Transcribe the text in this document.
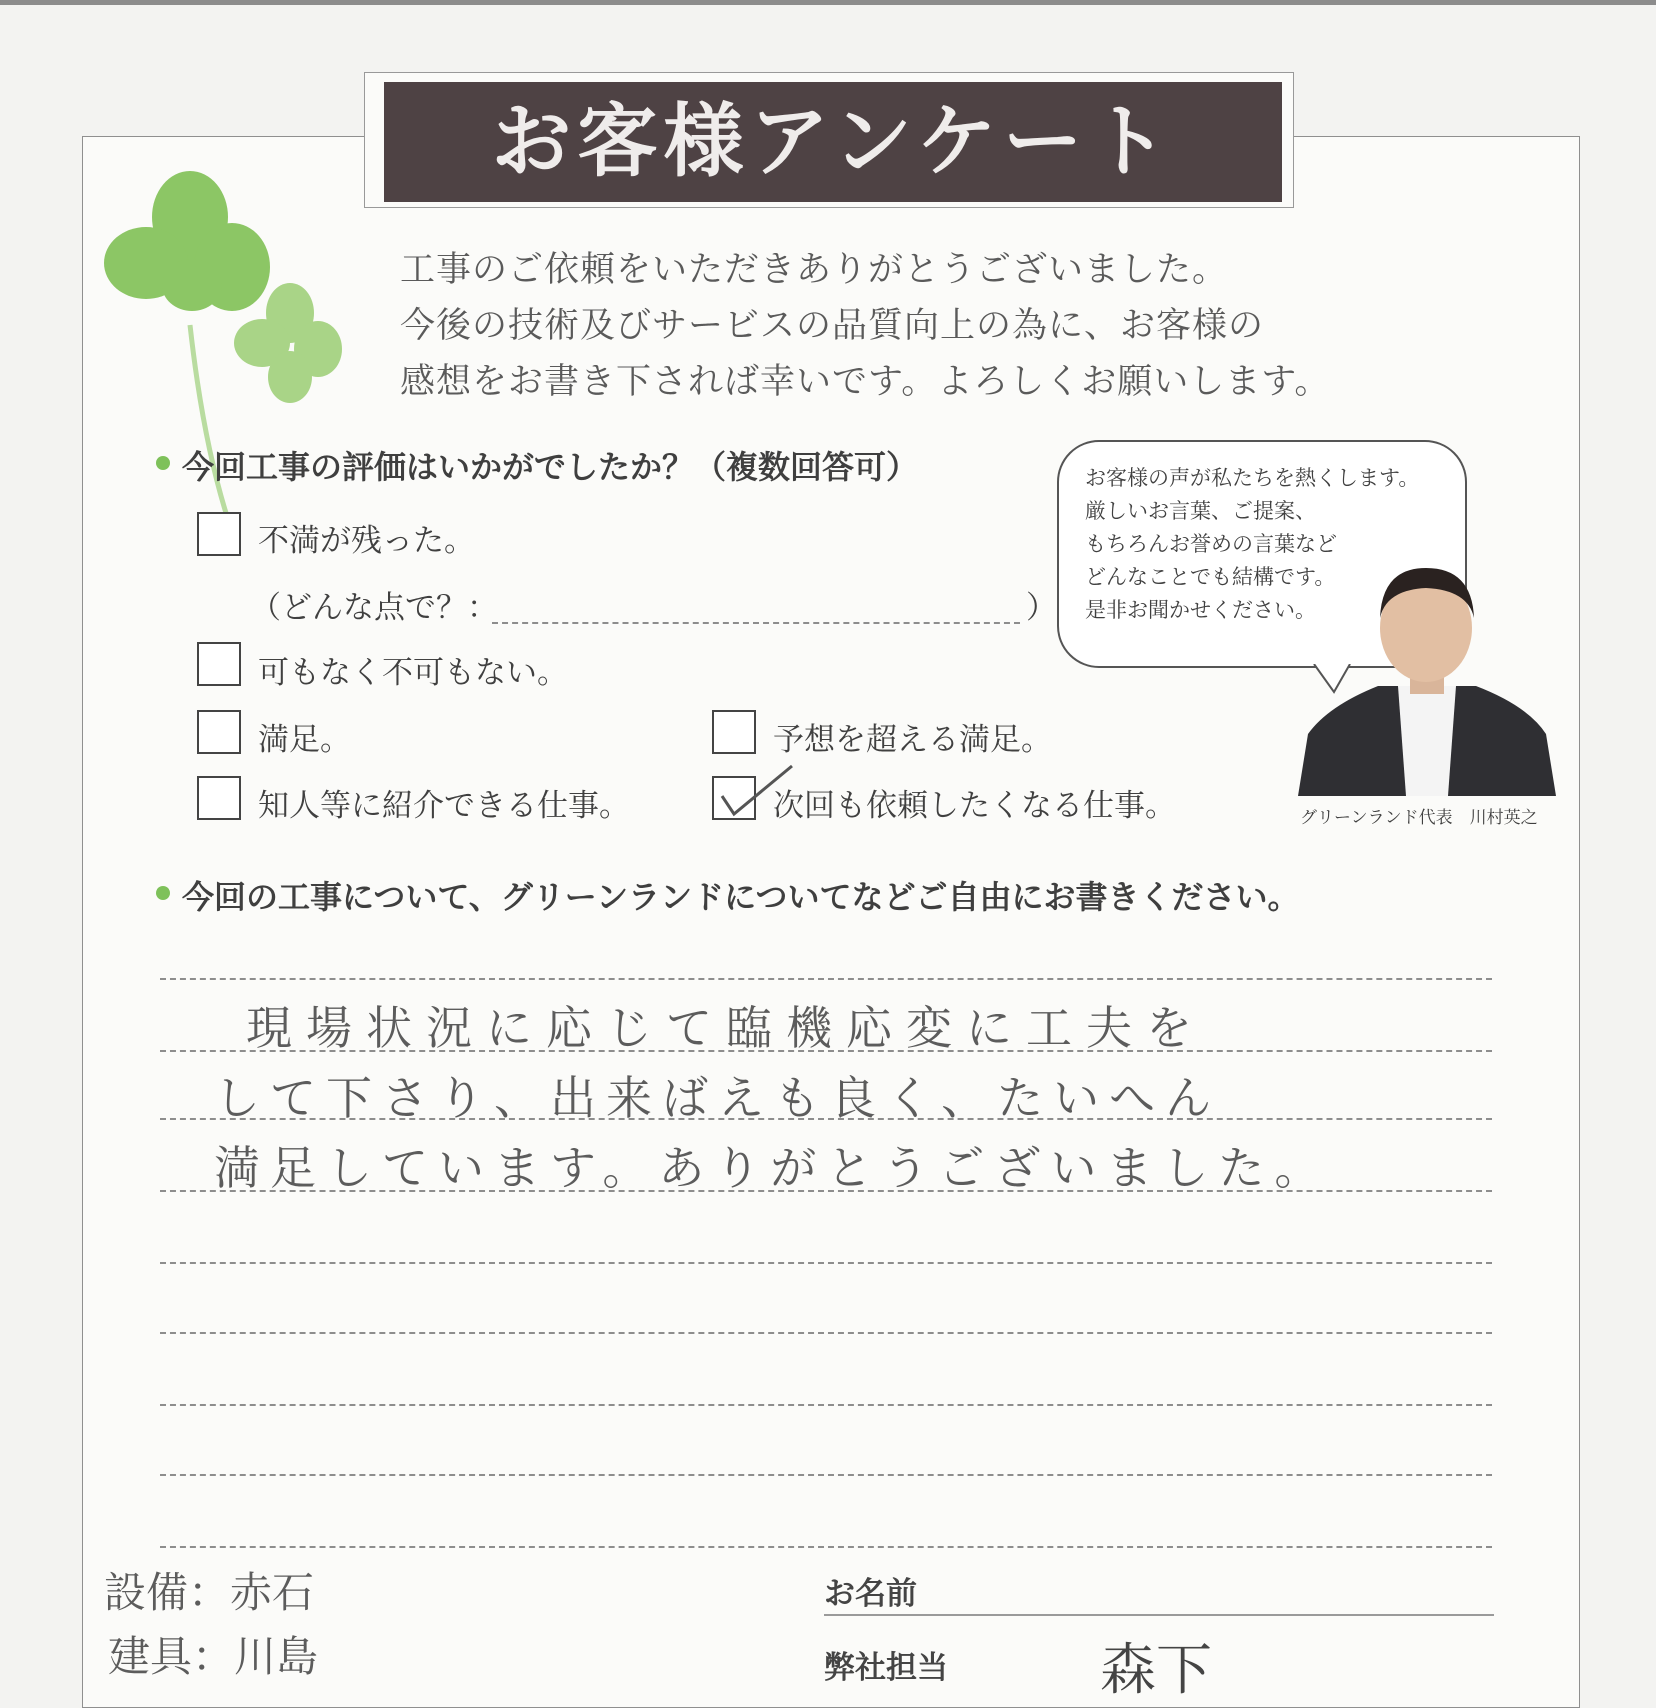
お客様アンケート
工事のご依頼をいただきありがとうございました。
今後の技術及びサービスの品質向上の為に、お客様の
感想をお書き下されば幸いです。よろしくお願いします。
今回工事の評価はいかがでしたか？（複数回答可）
不満が残った。
（どんな点で？：	）
可もなく不可もない。
満足。	予想を超える満足。
知人等に紹介できる仕事。	次回も依頼したくなる仕事。
お客様の声が私たちを熱くします。
厳しいお言葉、ご提案、
もちろんお誉めの言葉など
どんなことでも結構です。
是非お聞かせください。
グリーンランド代表　川村英之
今回の工事について、グリーンランドについてなどご自由にお書きください。
現場状況に応じて臨機応変に工夫を
して下さり、出来ばえも良く、たいへん
満足しています。ありがとうございました。
設備：赤石
建具：川島
お名前
弊社担当	森下
